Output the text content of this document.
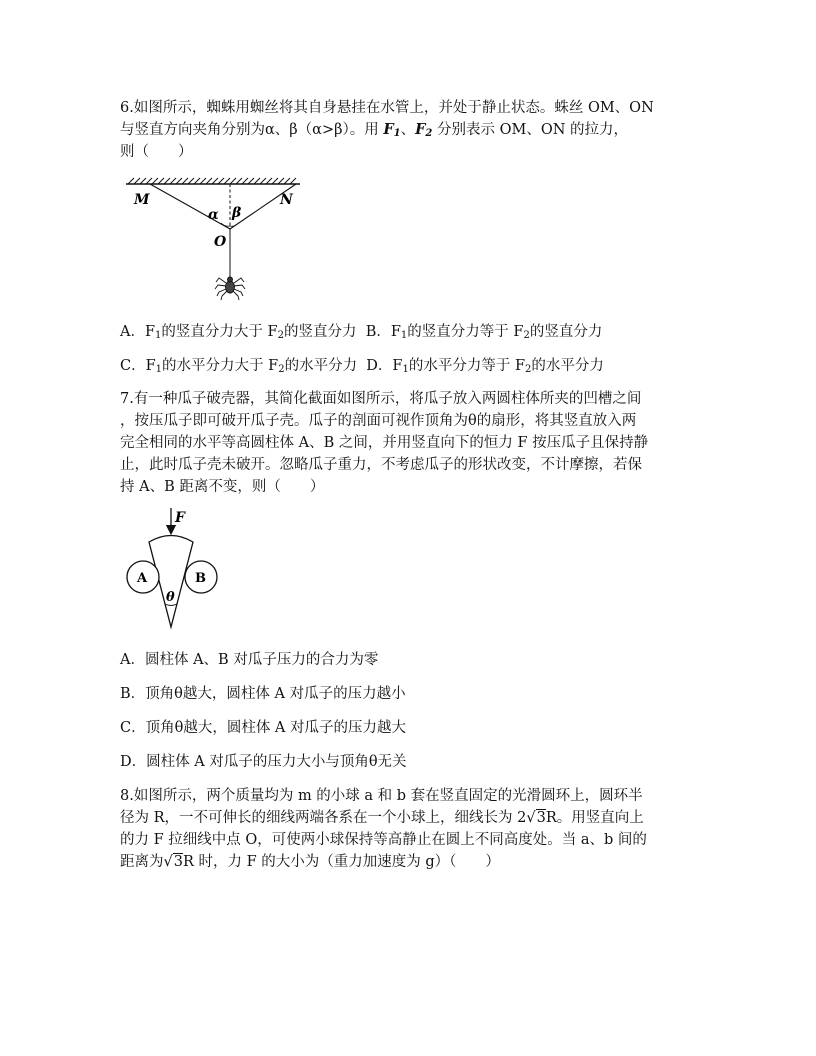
6.如图所示，蜘蛛用蜘丝将其自身悬挂在水管上，并处于静止状态。蛛丝 OM、ON
与竖直方向夹角分别为α、β（α>β）。用 $F_1$、$F_2$ 分别表示 OM、ON 的拉力，
则（　　）
M	N
α β
O
A．$F_1$的竖直分力大于 $F_2$的竖直分力 B．$F_1$的竖直分力等于 $F_2$的竖直分力
C．$F_1$的水平分力大于 $F_2$的水平分力 D．$F_1$的水平分力等于 $F_2$的水平分力
7.有一种瓜子破壳器，其简化截面如图所示，将瓜子放入两圆柱体所夹的凹槽之间
，按压瓜子即可破开瓜子壳。瓜子的剖面可视作顶角为θ的扇形，将其竖直放入两
完全相同的水平等高圆柱体 A、B 之间，并用竖直向下的恒力 F 按压瓜子且保持静
止，此时瓜子壳未破开。忽略瓜子重力，不考虑瓜子的形状改变，不计摩擦，若保
持 A、B 距离不变，则（　　）
F
A	B
θ
A．圆柱体 A、B 对瓜子压力的合力为零
B．顶角θ越大，圆柱体 A 对瓜子的压力越小
C．顶角θ越大，圆柱体 A 对瓜子的压力越大
D．圆柱体 A 对瓜子的压力大小与顶角θ无关
8.如图所示，两个质量均为 m 的小球 a 和 b 套在竖直固定的光滑圆环上，圆环半
径为 R，一不可伸长的细线两端各系在一个小球上，细线长为 2√3R。用竖直向上
的力 F 拉细线中点 O，可使两小球保持等高静止在圆上不同高度处。当 a、b 间的
距离为√3R 时，力 F 的大小为（重力加速度为 g）（　　）
